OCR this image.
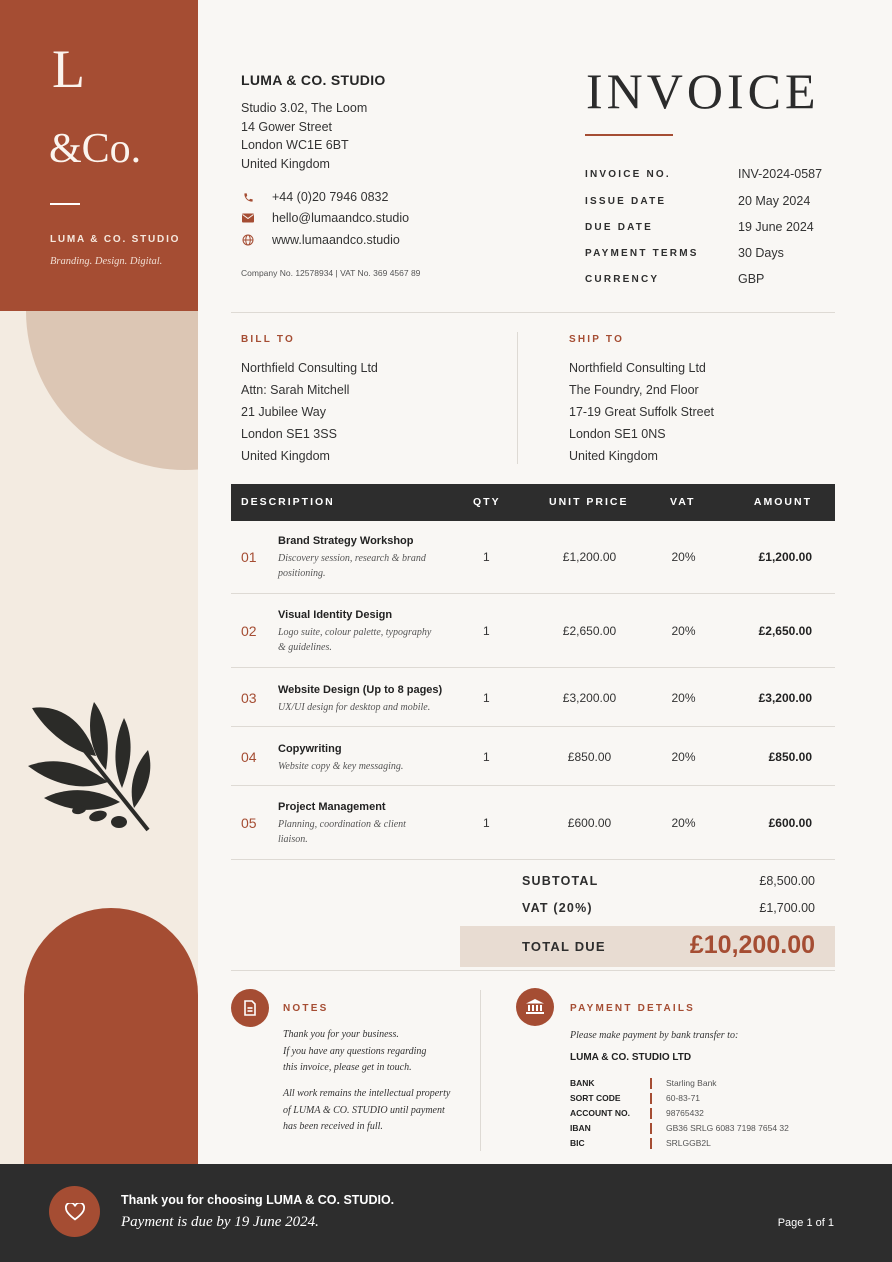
L
&Co.
LUMA & CO. STUDIO
Branding. Design. Digital.
LUMA & CO. STUDIO
Studio 3.02, The Loom
14 Gower Street
London WC1E 6BT
United Kingdom
+44 (0)20 7946 0832
hello@lumaandco.studio
www.lumaandco.studio
Company No. 12578934 | VAT No. 369 4567 89
INVOICE
INVOICE NO.	INV-2024-0587
ISSUE DATE	20 May 2024
DUE DATE	19 June 2024
PAYMENT TERMS	30 Days
CURRENCY	GBP
BILL TO
Northfield Consulting Ltd
Attn: Sarah Mitchell
21 Jubilee Way
London SE1 3SS
United Kingdom
SHIP TO
Northfield Consulting Ltd
The Foundry, 2nd Floor
17-19 Great Suffolk Street
London SE1 0NS
United Kingdom
DESCRIPTION	QTY	UNIT PRICE	VAT	AMOUNT
01
Brand Strategy Workshop
Discovery session, research & brand
positioning.
1	£1,200.00	20%	£1,200.00
02
Visual Identity Design
Logo suite, colour palette, typography
& guidelines.
1	£2,650.00	20%	£2,650.00
03 Website Design (Up to 8 pages)
UX/UI design for desktop and mobile.
1	£3,200.00	20%	£3,200.00
04 Copywriting
Website copy & key messaging.
1	£850.00	20%	£850.00
05
Project Management
Planning, coordination & client
liaison.
1	£600.00	20%	£600.00
SUBTOTAL	£8,500.00
VAT (20%)	£1,700.00
TOTAL DUE	£10,200.00
NOTES
Thank you for your business.
If you have any questions regarding
this invoice, please get in touch.
All work remains the intellectual property
of LUMA & CO. STUDIO until payment
has been received in full.
PAYMENT DETAILS
Please make payment by bank transfer to:
LUMA & CO. STUDIO LTD
BANK	Starling Bank
SORT CODE	60-83-71
ACCOUNT NO.	98765432
IBAN	GB36 SRLG 6083 7198 7654 32
BIC	SRLGGB2L
Thank you for choosing LUMA & CO. STUDIO.
Payment is due by 19 June 2024.	Page 1 of 1
